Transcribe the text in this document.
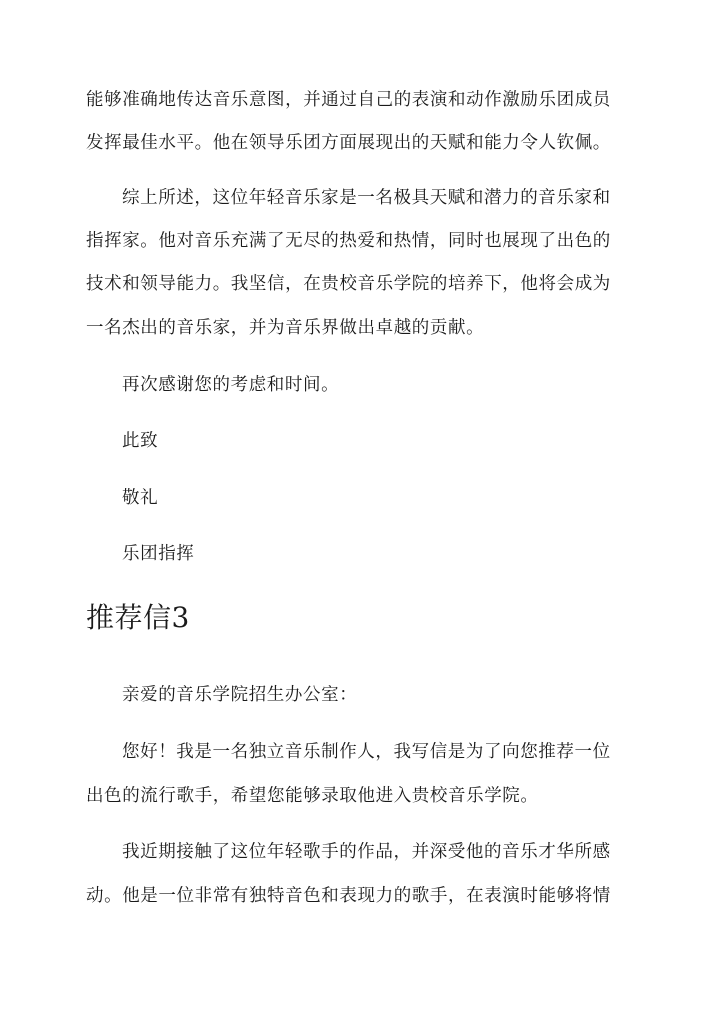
能够准确地传达音乐意图，并通过自己的表演和动作激励乐团成员
发挥最佳水平。他在领导乐团方面展现出的天赋和能力令人钦佩。
综上所述，这位年轻音乐家是一名极具天赋和潜力的音乐家和
指挥家。他对音乐充满了无尽的热爱和热情，同时也展现了出色的
技术和领导能力。我坚信，在贵校音乐学院的培养下，他将会成为
一名杰出的音乐家，并为音乐界做出卓越的贡献。
再次感谢您的考虑和时间。
此致
敬礼
乐团指挥
推荐信3
亲爱的音乐学院招生办公室：
您好！我是一名独立音乐制作人，我写信是为了向您推荐一位
出色的流行歌手，希望您能够录取他进入贵校音乐学院。
我近期接触了这位年轻歌手的作品，并深受他的音乐才华所感
动。他是一位非常有独特音色和表现力的歌手，在表演时能够将情
